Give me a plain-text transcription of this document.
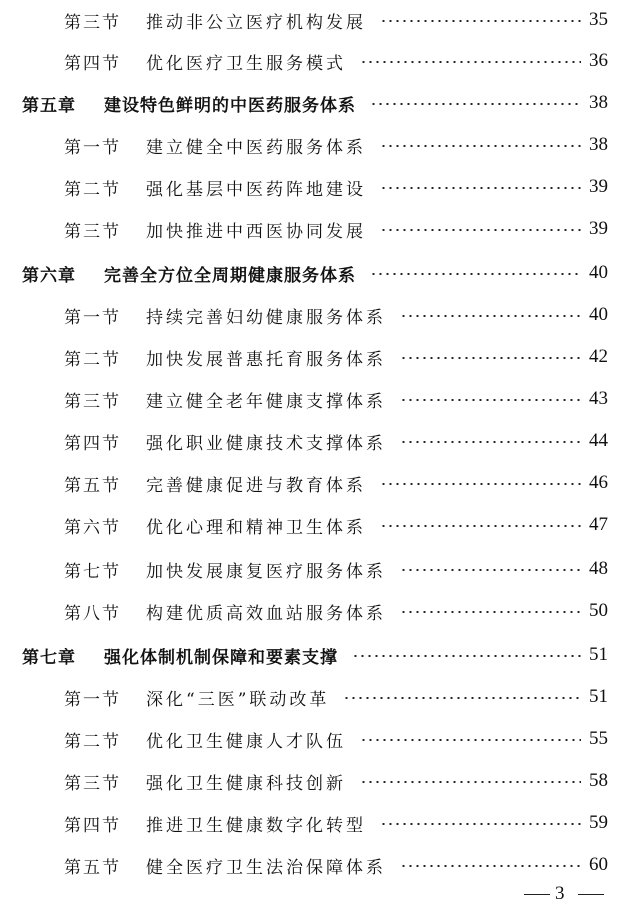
第三节 推动非公立医疗机构发展	35
第四节 优化医疗卫生服务模式	36
第五章 建设特色鲜明的中医药服务体系	38
第一节 建立健全中医药服务体系	38
第二节 强化基层中医药阵地建设	39
第三节 加快推进中西医协同发展	39
第六章 完善全方位全周期健康服务体系	40
第一节 持续完善妇幼健康服务体系	40
第二节 加快发展普惠托育服务体系	42
第三节 建立健全老年健康支撑体系	43
第四节 强化职业健康技术支撑体系	44
第五节 完善健康促进与教育体系	46
第六节 优化心理和精神卫生体系	47
第七节 加快发展康复医疗服务体系	48
第八节 构建优质高效血站服务体系	50
第七章 强化体制机制保障和要素支撑	51
第一节 深化“三医”联动改革	51
第二节 优化卫生健康人才队伍	55
第三节 强化卫生健康科技创新	58
第四节 推进卫生健康数字化转型	59
第五节 健全医疗卫生法治保障体系	60
3
